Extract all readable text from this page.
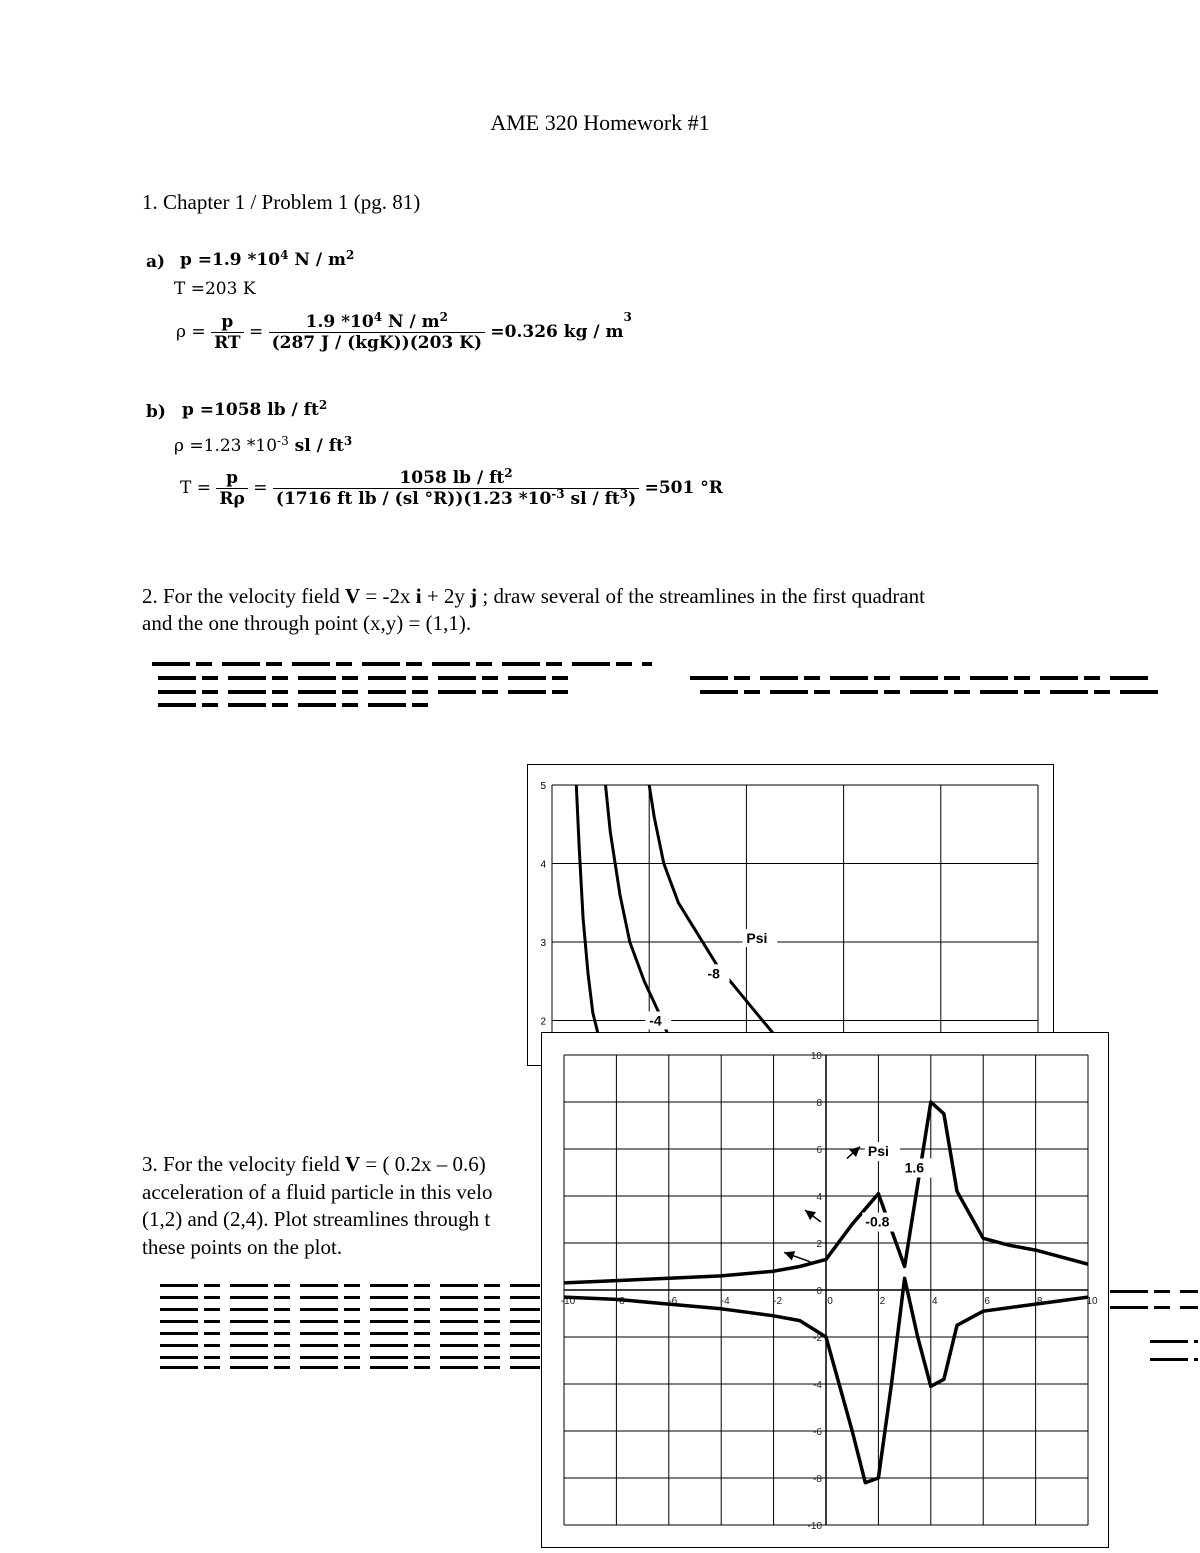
AME 320 Homework #1
1. Chapter 1 / Problem 1 (pg. 81)
a) p =1.9 $*10^4$ N / $m^2$
T =203 K
$\rho = \frac{p}{RT} = \frac{1.9 *10^4 N / m^2}{\text{(287 J / (kgK))(203 K)}} =0.326$ kg / $m^3$
b) p =1058 lb / $ft^2$
ρ =1.23 $*10^{-3}$ sl / $ft^3$
$T = \frac{p}{R\rho} = \frac{1058 lb / ft^2}{(1716 ft lb / (sl ^\circ R))(1.23 *10^{-3} sl / ft^3)} =501$ °R
2. For the velocity field V = -2x i + 2y j ; draw several of the streamlines in the first quadrant
and the one through point (x,y) = (1,1).
3. For the velocity field V = ( 0.2x – 0.6)
acceleration of a fluid particle in this velo
(1,2) and (2,4). Plot streamlines through t
these points on the plot.
5
4
3
2
Psi
-8
-4
-10	-8	-6	-4	-2	0	2	4	6	8	10
10
8
6
4
2
0
-2
-4
-6
-8
-10
Psi
1.6
-0.8
